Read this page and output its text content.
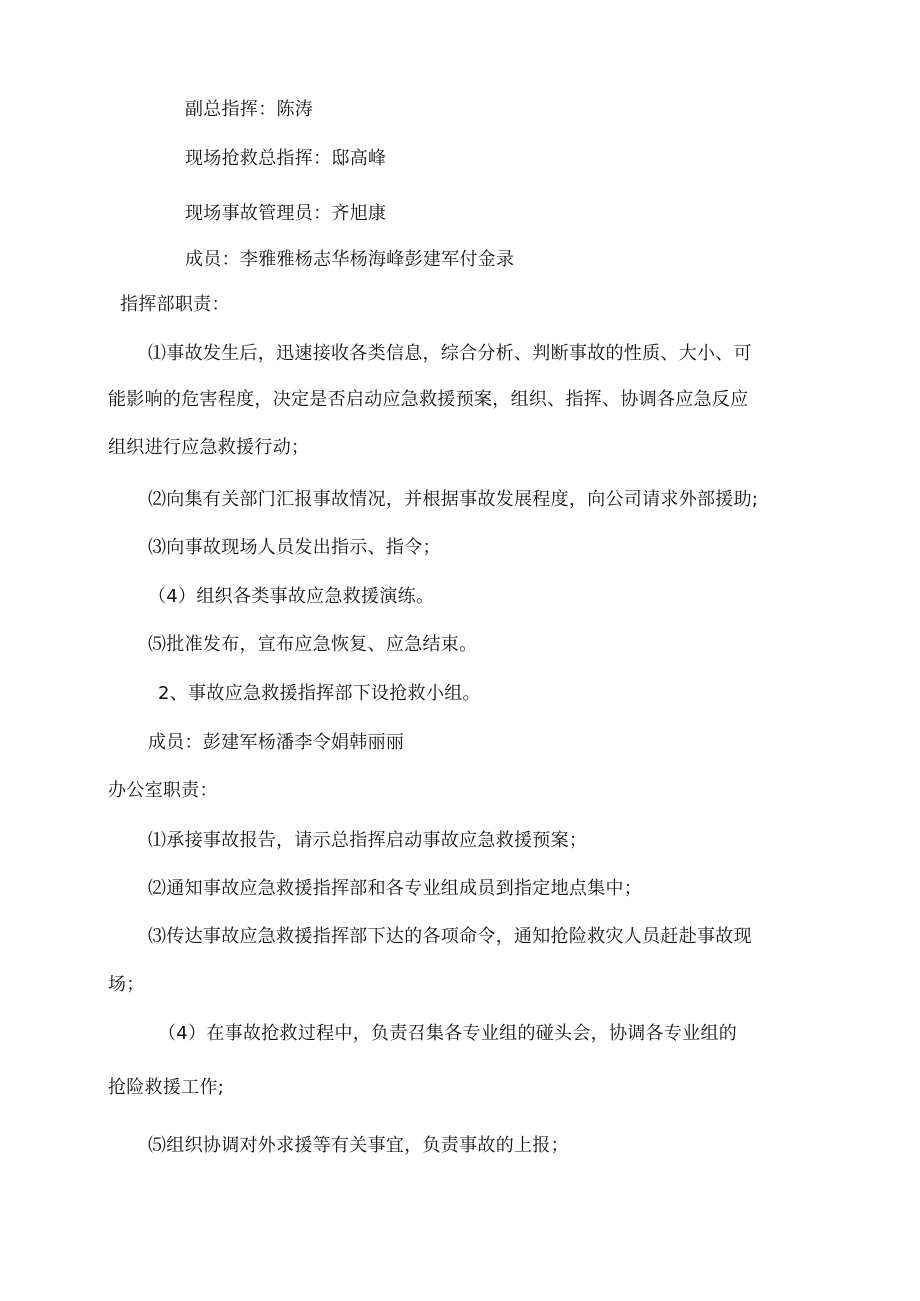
副总指挥：陈涛
现场抢救总指挥：邸高峰
现场事故管理员：齐旭康
成员：李雅雅杨志华杨海峰彭建军付金录
指挥部职责：
⑴事故发生后，迅速接收各类信息，综合分析、判断事故的性质、大小、可
能影响的危害程度，决定是否启动应急救援预案，组织、指挥、协调各应急反应
组织进行应急救援行动；
⑵向集有关部门汇报事故情况，并根据事故发展程度，向公司请求外部援助;
⑶向事故现场人员发出指示、指令；
（4）组织各类事故应急救援演练。
⑸批准发布，宣布应急恢复、应急结束。
2、事故应急救援指挥部下设抢救小组。
成员：彭建军杨潘李令娟韩丽丽
办公室职责：
⑴承接事故报告，请示总指挥启动事故应急救援预案；
⑵通知事故应急救援指挥部和各专业组成员到指定地点集中；
⑶传达事故应急救援指挥部下达的各项命令，通知抢险救灾人员赶赴事故现
场；
（4）在事故抢救过程中，负责召集各专业组的碰头会，协调各专业组的
抢险救援工作;
⑸组织协调对外求援等有关事宜，负责事故的上报；
